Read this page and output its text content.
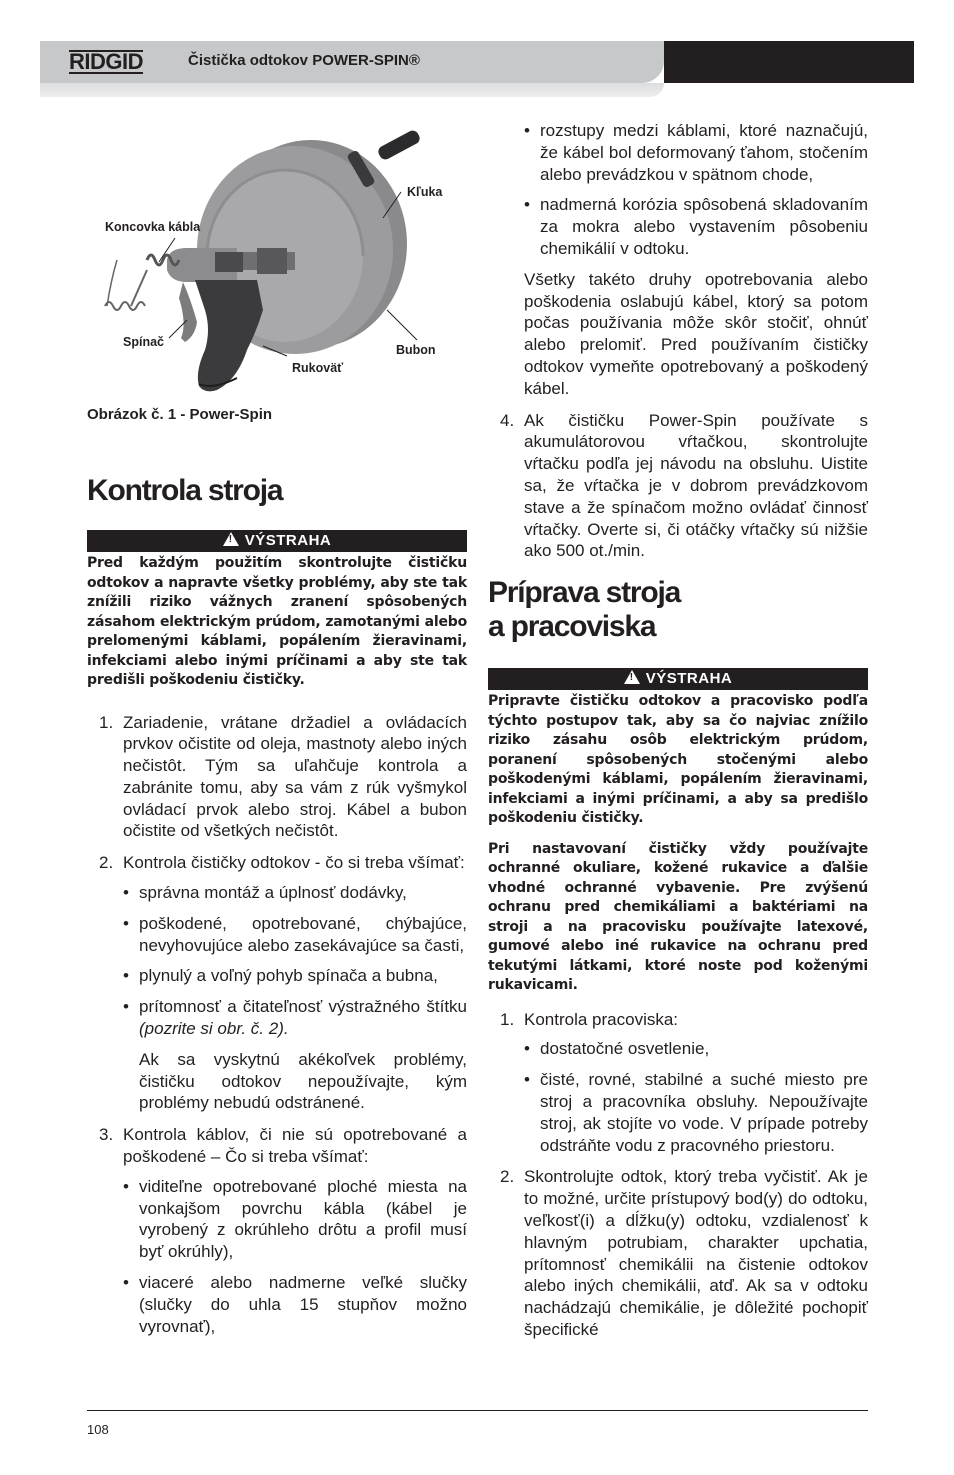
RIDGID	Čistička odtokov POWER-SPIN®
Koncovka kábla
Kľuka
Spínač
Rukoväť
Bubon
Obrázok č. 1 - Power-Spin
Kontrola stroja
!VÝSTRAHA

Pred každým použitím skontrolujte čističku odtokov a napravte všetky problémy, aby ste tak znížili riziko vážnych zranení spôsobených zásahom elektrickým prúdom, zamotanými alebo prelomenými káblami, popálením žieravinami, infekciami alebo inými príčinami a aby ste tak predišli poškodeniu čističky.

1. Zariadenie, vrátane držadiel a ovládacích prvkov očistite od oleja, mastnoty alebo iných nečistôt. Tým sa uľahčuje kontrola a zabránite tomu, aby sa vám z rúk vyšmykol ovládací prvok alebo stroj. Kábel a bubon očistite od všetkých nečistôt.
2. Kontrola čističky odtokov - čo si treba všímať:
• správna montáž a úplnosť dodávky,
• poškodené, opotrebované, chýbajúce, nevyhovujúce alebo zasekávajúce sa časti,
• plynulý a voľný pohyb spínača a bubna,
• prítomnosť a čitateľnosť výstražného štítku (pozrite si obr. č. 2).
Ak sa vyskytnú akékoľvek problémy, čističku odtokov nepoužívajte, kým problémy nebudú odstránené.
3. Kontrola káblov, či nie sú opotrebované a poškodené – Čo si treba všímať:
• viditeľne opotrebované ploché miesta na vonkajšom povrchu kábla (kábel je vyrobený z okrúhleho drôtu a profil musí byť okrúhly),
• viaceré alebo nadmerne veľké slučky (slučky do uhla 15 stupňov možno vyrovnať),
• rozstupy medzi káblami, ktoré naznačujú, že kábel bol deformovaný ťahom, stočením alebo prevádzkou v spätnom chode,
• nadmerná korózia spôsobená skladovaním za mokra alebo vystavením pôsobeniu chemikálií v odtoku.
Všetky takéto druhy opotrebovania alebo poškodenia oslabujú kábel, ktorý sa potom počas používania môže skôr stočiť, ohnúť alebo prelomiť. Pred používaním čističky odtokov vymeňte opotrebovaný a poškodený kábel.
4. Ak čističku Power-Spin používate s akumulátorovou vŕtačkou, skontrolujte vŕtačku podľa jej návodu na obsluhu. Uistite sa, že vŕtačka je v dobrom prevádzkovom stave a že spínačom možno ovládať činnosť vŕtačky. Overte si, či otáčky vŕtačky sú nižšie ako 500 ot./min.
Príprava stroja
a pracoviska
!VÝSTRAHA

Pripravte čističku odtokov a pracovisko podľa týchto postupov tak, aby sa čo najviac znížilo riziko zásahu osôb elektrickým prúdom, poranení spôsobených stočenými alebo poškodenými káblami, popálením žieravinami, infekciami a inými príčinami, a aby sa predišlo poškodeniu čističky.

Pri nastavovaní čističky vždy používajte ochranné okuliare, kožené rukavice a ďalšie vhodné ochranné vybavenie. Pre zvýšenú ochranu pred chemikáliami a baktériami na stroji a na pracovisku používajte latexové, gumové alebo iné rukavice na ochranu pred tekutými látkami, ktoré noste pod koženými rukavicami.

1. Kontrola pracoviska:
• dostatočné osvetlenie,
• čisté, rovné, stabilné a suché miesto pre stroj a pracovníka obsluhy. Nepoužívajte stroj, ak stojíte vo vode. V prípade potreby odstráňte vodu z pracovného priestoru.
2. Skontrolujte odtok, ktorý treba vyčistiť. Ak je to možné, určite prístupový bod(y) do odtoku, veľkosť(i) a dĺžku(y) odtoku, vzdialenosť k hlavným potrubiam, charakter upchatia, prítomnosť chemikálii na čistenie odtokov alebo iných chemikálii, atď. Ak sa v odtoku nachádzajú chemikálie, je dôležité pochopiť špecifické
108
